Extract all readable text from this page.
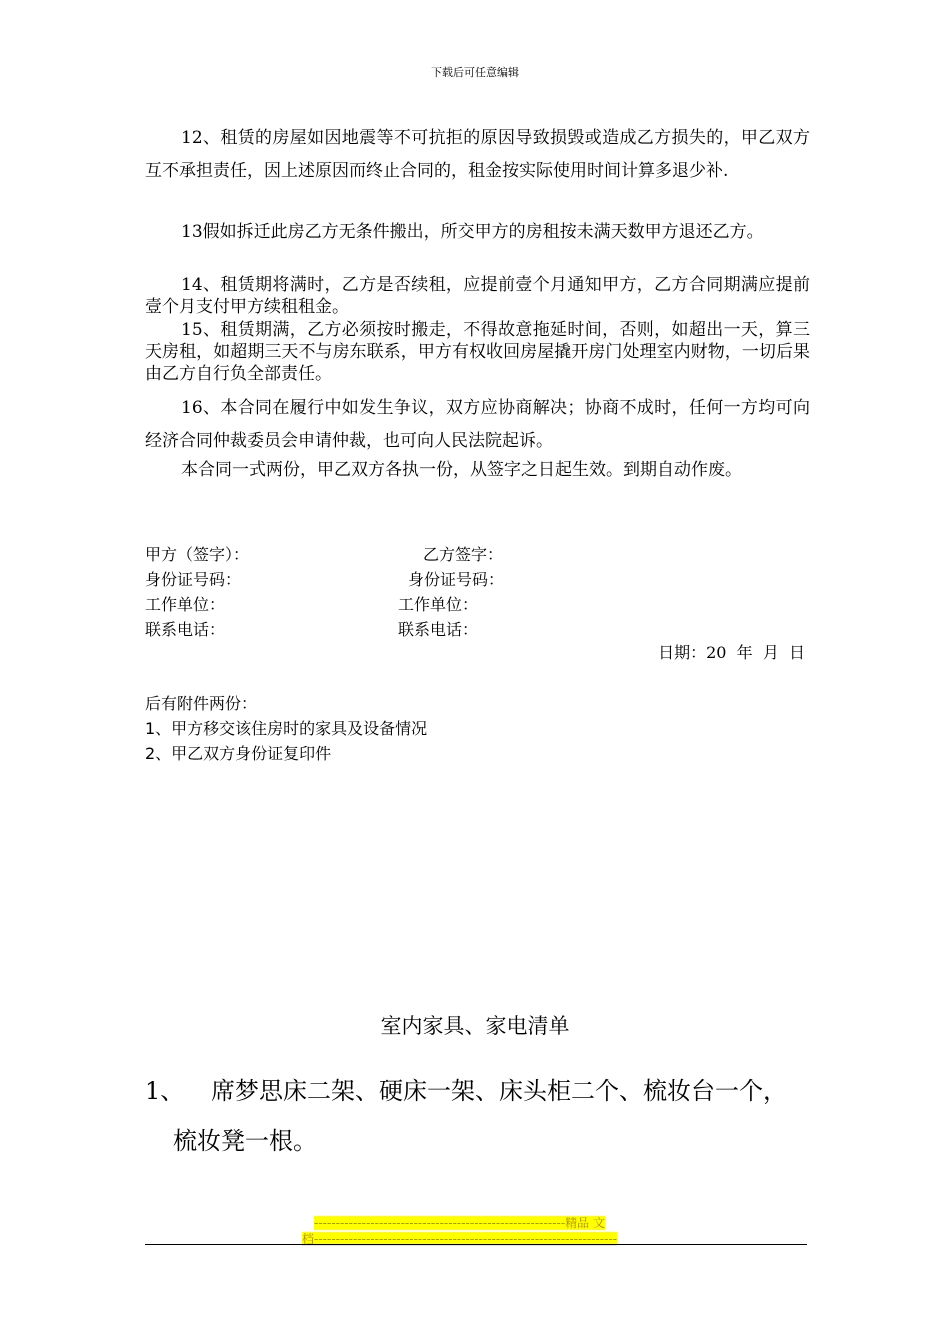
下载后可任意编辑
12、租赁的房屋如因地震等不可抗拒的原因导致损毁或造成乙方损失的，甲乙双方互不承担责任，因上述原因而终止合同的，租金按实际使用时间计算多退少补.
13假如拆迁此房乙方无条件搬出，所交甲方的房租按未满天数甲方退还乙方。
14、租赁期将满时，乙方是否续租，应提前壹个月通知甲方，乙方合同期满应提前壹个月支付甲方续租租金。
15、租赁期满，乙方必须按时搬走，不得故意拖延时间，否则，如超出一天，算三天房租，如超期三天不与房东联系，甲方有权收回房屋撬开房门处理室内财物，一切后果由乙方自行负全部责任。
16、本合同在履行中如发生争议，双方应协商解决；协商不成时，任何一方均可向经济合同仲裁委员会申请仲裁，也可向人民法院起诉。
本合同一式两份，甲乙双方各执一份，从签字之日起生效。到期自动作废。
甲方（签字）：	乙方签字：
身份证号码：	身份证号码：
工作单位：	工作单位：
联系电话：	联系电话：
日期：20  年  月  日
后有附件两份：
1、甲方移交该住房时的家具及设备情况
2、甲乙双方身份证复印件
室内家具、家电清单
1、 席梦思床二架、硬床一架、床头柜二个、梳妆台一个，
梳妆凳一根。
----------------------------------------------------------精品 文
档----------------------------------------------------------------------
